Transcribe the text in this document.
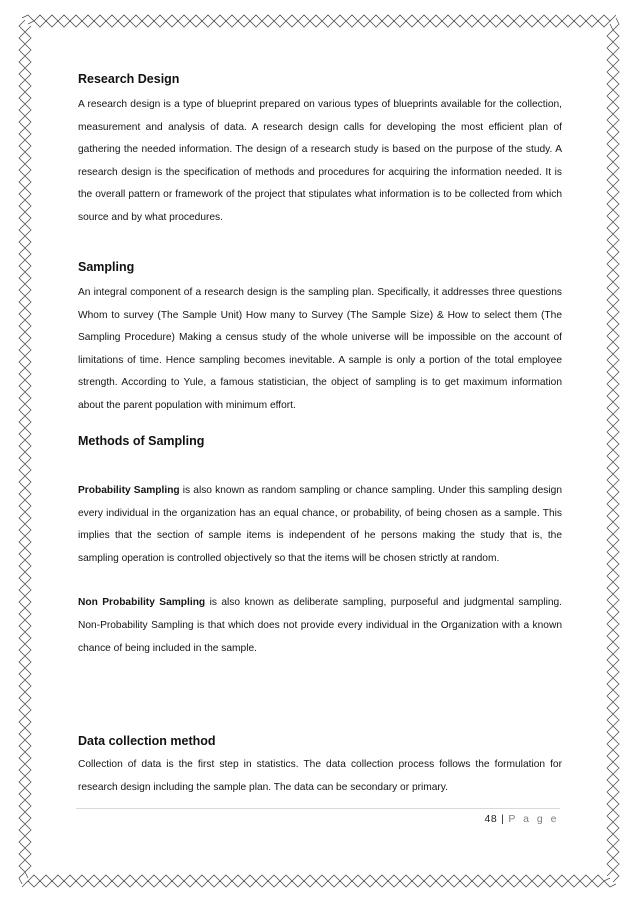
Research Design

A research design is a type of blueprint prepared on various types of blueprints available for the collection, measurement and analysis of data. A research design calls for developing the most efficient plan of gathering the needed information. The design of a research study is based on the purpose of the study. A research design is the specification of methods and procedures for acquiring the information needed. It is the overall pattern or framework of the project that stipulates what information is to be collected from which source and by what procedures.

Sampling

An integral component of a research design is the sampling plan. Specifically, it addresses three questions Whom to survey (The Sample Unit) How many to Survey (The Sample Size) & How to select them (The Sampling Procedure) Making a census study of the whole universe will be impossible on the account of limitations of time. Hence sampling becomes inevitable. A sample is only a portion of the total employee strength. According to Yule, a famous statistician, the object of sampling is to get maximum information about the parent population with minimum effort.

Methods of Sampling

Probability Sampling is also known as random sampling or chance sampling. Under this sampling design every individual in the organization has an equal chance, or probability, of being chosen as a sample. This implies that the section of sample items is independent of he persons making the study that is, the sampling operation is controlled objectively so that the items will be chosen strictly at random.

Non Probability Sampling is also known as deliberate sampling, purposeful and judgmental sampling. Non-Probability Sampling is that which does not provide every individual in the Organization with a known chance of being included in the sample.

Data collection method

Collection of data is the first step in statistics. The data collection process follows the formulation for research design including the sample plan. The data can be secondary or primary.

48 | P a g e
